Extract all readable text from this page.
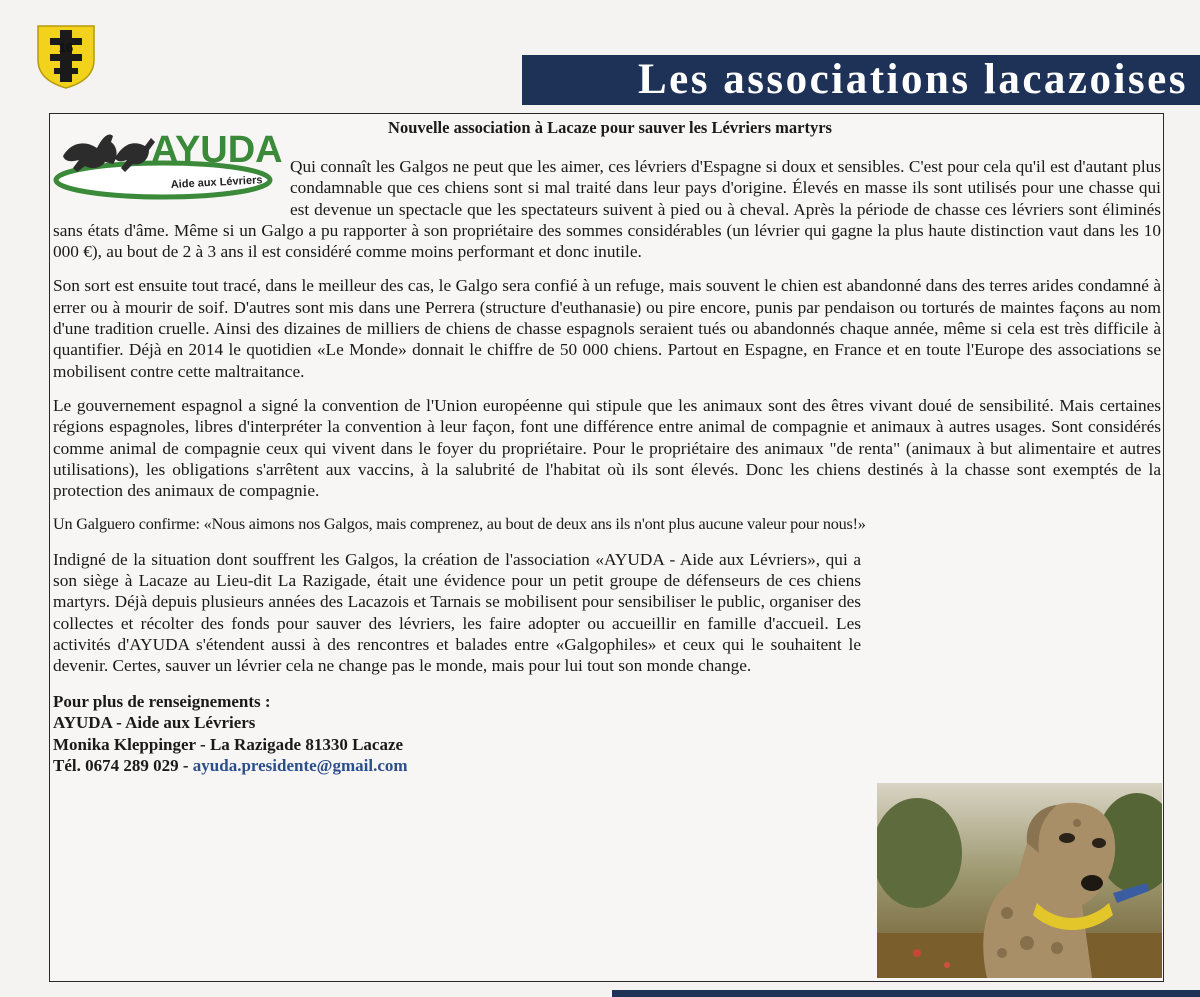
16
Les associations lacazoises
AYUDA
Aide aux Lévriers
Nouvelle association à Lacaze pour sauver les Lévriers martyrs

Qui connaît les Galgos ne peut que les aimer, ces lévriers d'Espagne si doux et sensibles. C'est pour cela qu'il est d'autant plus condamnable que ces chiens sont si mal traité dans leur pays d'origine. Élevés en masse ils sont utilisés pour une chasse qui est devenue un spectacle que les spectateurs suivent à pied ou à cheval. Après la période de chasse ces lévriers sont éliminés sans états d'âme. Même si un Galgo a pu rapporter à son propriétaire des sommes considérables (un lévrier qui gagne la plus haute distinction vaut dans les 10 000 €), au bout de 2 à 3 ans il est considéré comme moins performant et donc inutile.

Son sort est ensuite tout tracé, dans le meilleur des cas, le Galgo sera confié à un refuge, mais souvent le chien est abandonné dans des terres arides condamné à errer ou à mourir de soif. D'autres sont mis dans une Perrera (structure d'euthanasie) ou pire encore, punis par pendaison ou torturés de maintes façons au nom d'une tradition cruelle. Ainsi des dizaines de milliers de chiens de chasse espagnols seraient tués ou abandonnés chaque année, même si cela est très difficile à quantifier. Déjà en 2014 le quotidien «Le Monde» donnait le chiffre de 50 000 chiens. Partout en Espagne, en France et en toute l'Europe des associations se mobilisent contre cette maltraitance.

Le gouvernement espagnol a signé la convention de l'Union européenne qui stipule que les animaux sont des êtres vivant doué de sensibilité. Mais certaines régions espagnoles, libres d'interpréter la convention à leur façon, font une différence entre animal de compagnie et animaux à autres usages. Sont considérés comme animal de compagnie ceux qui vivent dans le foyer du propriétaire. Pour le propriétaire des animaux "de renta" (animaux à but alimentaire et autres utilisations), les obligations s'arrêtent aux vaccins, à la salubrité de l'habitat où ils sont élevés. Donc les chiens destinés à la chasse sont exemptés de la protection des animaux de compagnie.

Un Galguero confirme: «Nous aimons nos Galgos, mais comprenez, au bout de deux ans ils n'ont plus aucune valeur pour nous!»

Indigné de la situation dont souffrent les Galgos, la création de l'association «AYUDA - Aide aux Lévriers», qui a son siège à Lacaze au Lieu-dit La Razigade, était une évidence pour un petit groupe de défenseurs de ces chiens martyrs. Déjà depuis plusieurs années des Lacazois et Tarnais se mobilisent pour sensibiliser le public, organiser des collectes et récolter des fonds pour sauver des lévriers, les faire adopter ou accueillir en famille d'accueil. Les activités d'AYUDA s'étendent aussi à des rencontres et balades entre «Galgophiles» et ceux qui le souhaitent le devenir. Certes, sauver un lévrier cela ne change pas le monde, mais pour lui tout son monde change.

Pour plus de renseignements :
AYUDA - Aide aux Lévriers
Monika Kleppinger - La Razigade 81330 Lacaze
Tél. 0674 289 029 - ayuda.presidente@gmail.com
